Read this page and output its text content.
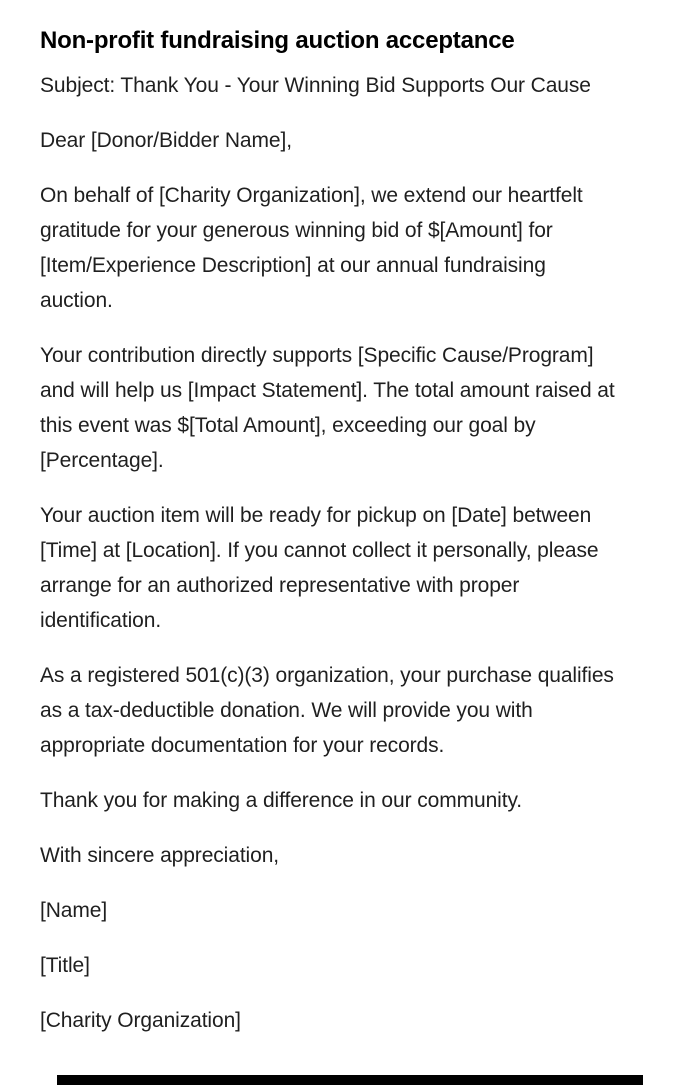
Non-profit fundraising auction acceptance

Subject: Thank You - Your Winning Bid Supports Our Cause

Dear [Donor/Bidder Name],

On behalf of [Charity Organization], we extend our heartfelt
gratitude for your generous winning bid of $[Amount] for
[Item/Experience Description] at our annual fundraising
auction.

Your contribution directly supports [Specific Cause/Program]
and will help us [Impact Statement]. The total amount raised at
this event was $[Total Amount], exceeding our goal by
[Percentage].

Your auction item will be ready for pickup on [Date] between
[Time] at [Location]. If you cannot collect it personally, please
arrange for an authorized representative with proper
identification.

As a registered 501(c)(3) organization, your purchase qualifies
as a tax-deductible donation. We will provide you with
appropriate documentation for your records.

Thank you for making a difference in our community.

With sincere appreciation,

[Name]

[Title]

[Charity Organization]
